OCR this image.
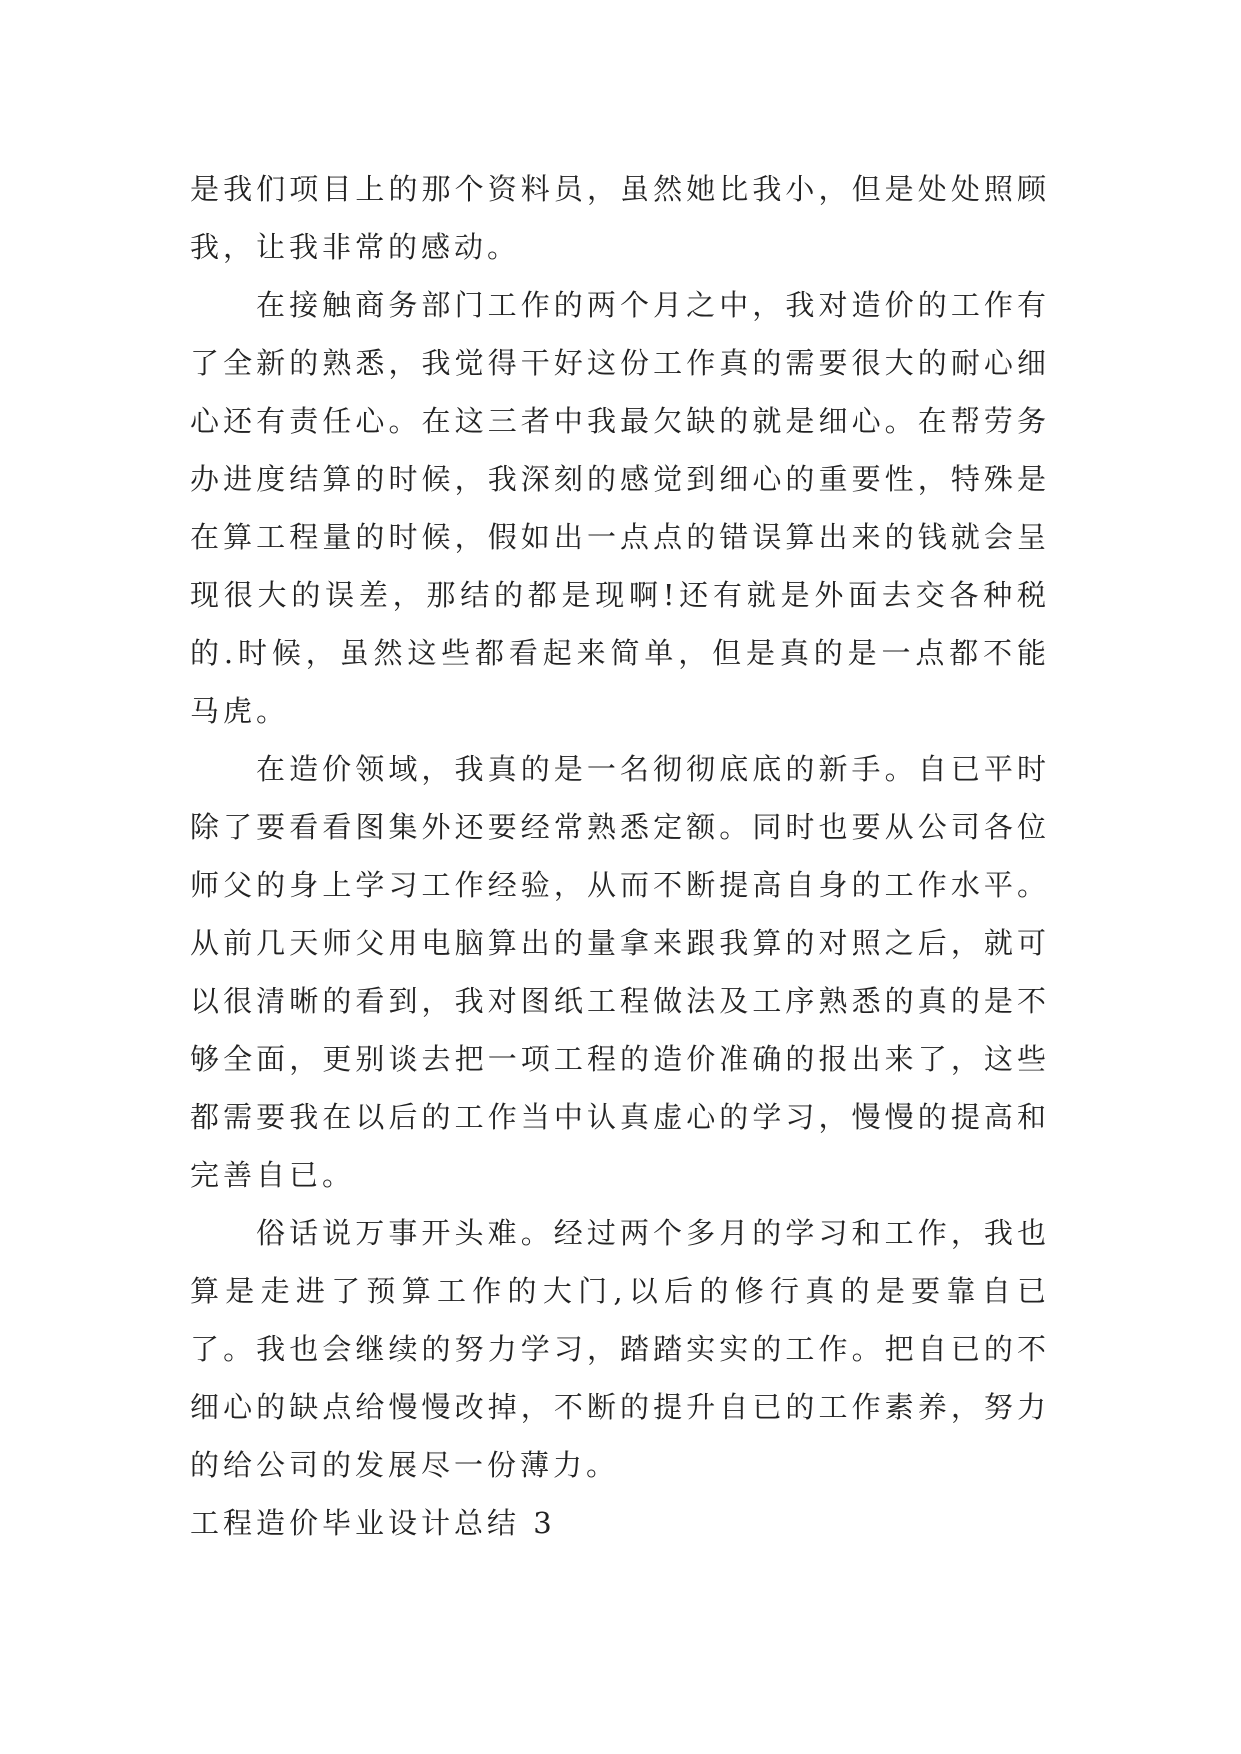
是我们项目上的那个资料员，虽然她比我小，但是处处照顾我，让我非常的感动。

在接触商务部门工作的两个月之中，我对造价的工作有了全新的熟悉，我觉得干好这份工作真的需要很大的耐心细心还有责任心。在这三者中我最欠缺的就是细心。在帮劳务办进度结算的时候，我深刻的感觉到细心的重要性，特殊是在算工程量的时候，假如出一点点的错误算出来的钱就会呈现很大的误差，那结的都是现啊!还有就是外面去交各种税的.时候，虽然这些都看起来简单，但是真的是一点都不能马虎。

在造价领域，我真的是一名彻彻底底的新手。自已平时除了要看看图集外还要经常熟悉定额。同时也要从公司各位师父的身上学习工作经验，从而不断提高自身的工作水平。从前几天师父用电脑算出的量拿来跟我算的对照之后，就可以很清晰的看到，我对图纸工程做法及工序熟悉的真的是不够全面，更别谈去把一项工程的造价准确的报出来了，这些都需要我在以后的工作当中认真虚心的学习，慢慢的提高和完善自已。

俗话说万事开头难。经过两个多月的学习和工作，我也算是走进了预算工作的大门,以后的修行真的是要靠自已了。我也会继续的努力学习，踏踏实实的工作。把自已的不细心的缺点给慢慢改掉，不断的提升自已的工作素养，努力的给公司的发展尽一份薄力。

工程造价毕业设计总结 3
